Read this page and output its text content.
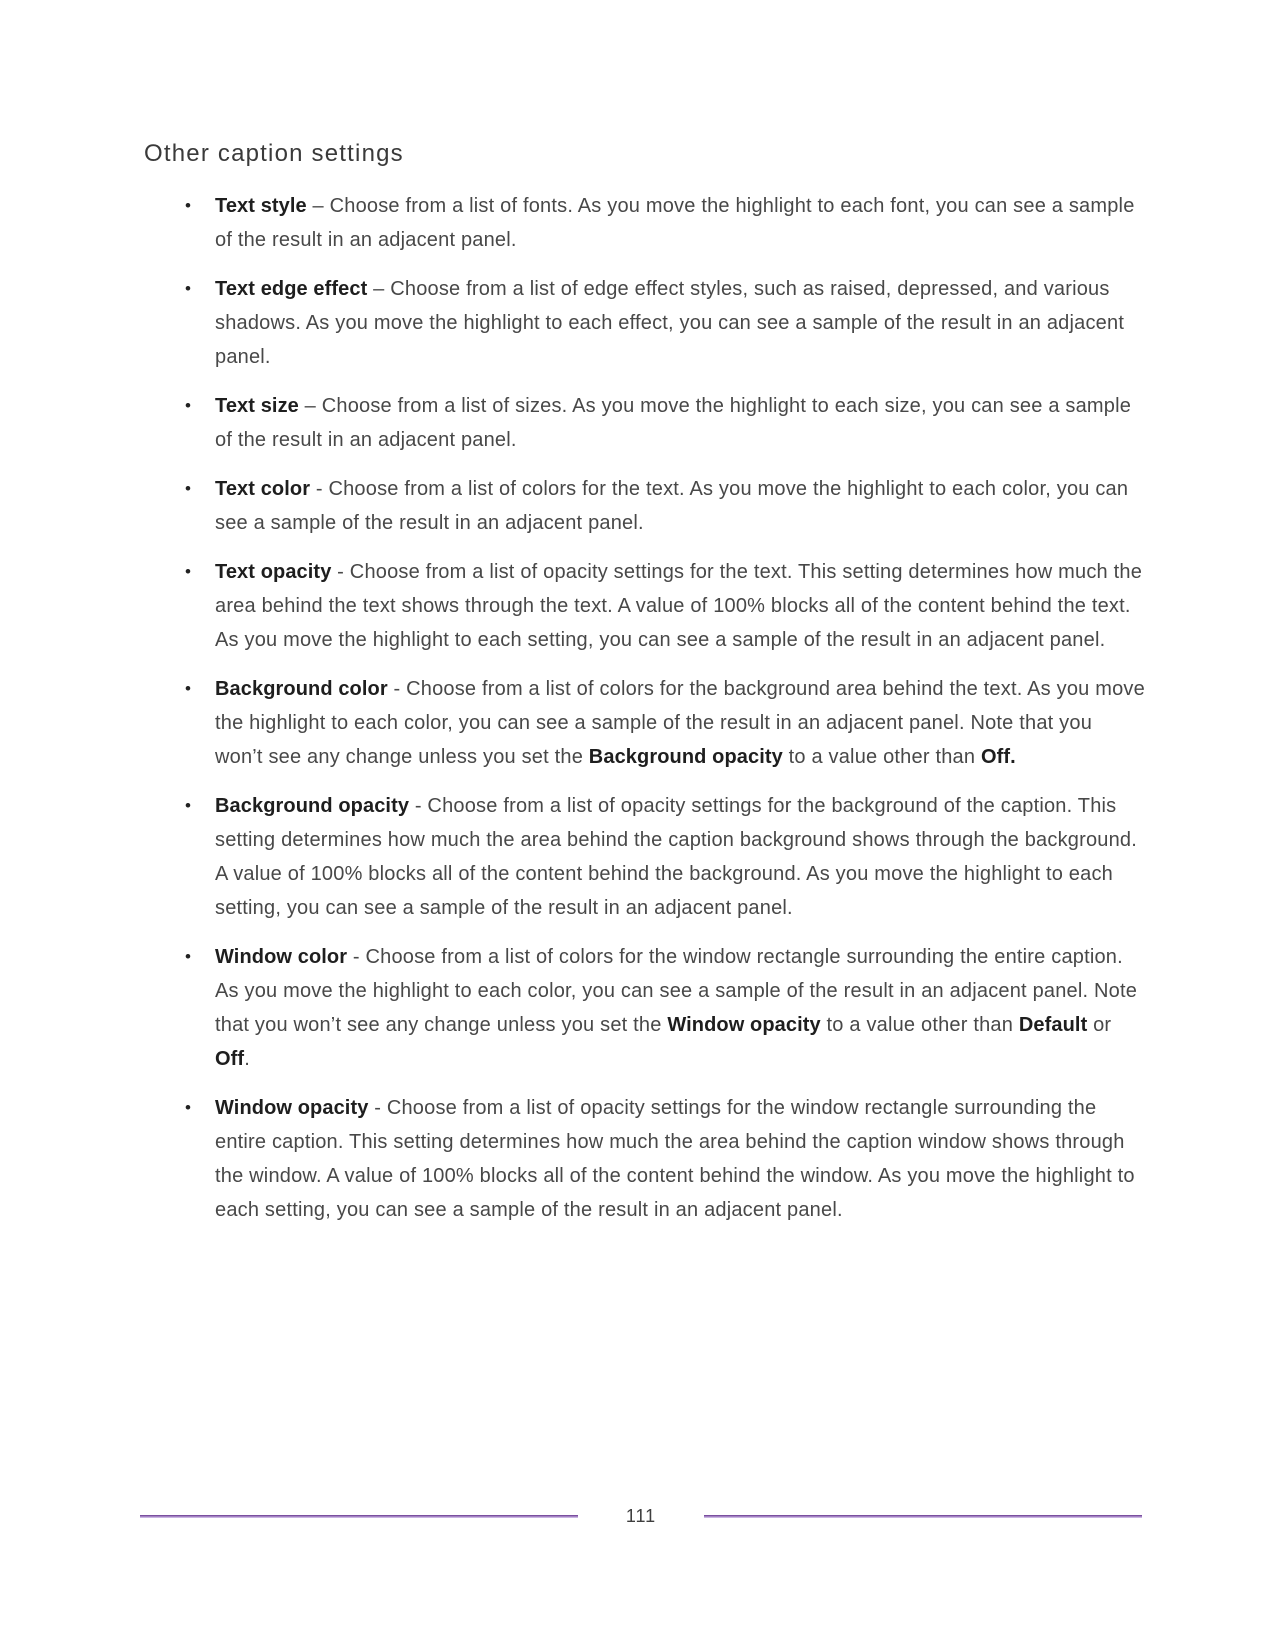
Other caption settings
• Text style – Choose from a list of fonts. As you move the highlight to each font, you can see a sample of the result in an adjacent panel.
• Text edge effect – Choose from a list of edge effect styles, such as raised, depressed, and various shadows. As you move the highlight to each effect, you can see a sample of the result in an adjacent panel.
• Text size – Choose from a list of sizes. As you move the highlight to each size, you can see a sample of the result in an adjacent panel.
• Text color - Choose from a list of colors for the text. As you move the highlight to each color, you can see a sample of the result in an adjacent panel.
• Text opacity - Choose from a list of opacity settings for the text. This setting determines how much the area behind the text shows through the text. A value of 100% blocks all of the content behind the text. As you move the highlight to each setting, you can see a sample of the result in an adjacent panel.
• Background color - Choose from a list of colors for the background area behind the text. As you move the highlight to each color, you can see a sample of the result in an adjacent panel. Note that you won’t see any change unless you set the Background opacity to a value other than Off.
• Background opacity - Choose from a list of opacity settings for the background of the caption. This setting determines how much the area behind the caption background shows through the background. A value of 100% blocks all of the content behind the background. As you move the highlight to each setting, you can see a sample of the result in an adjacent panel.
• Window color - Choose from a list of colors for the window rectangle surrounding the entire caption. As you move the highlight to each color, you can see a sample of the result in an adjacent panel. Note that you won’t see any change unless you set the Window opacity to a value other than Default or Off.
• Window opacity - Choose from a list of opacity settings for the window rectangle surrounding the entire caption. This setting determines how much the area behind the caption window shows through the window. A value of 100% blocks all of the content behind the window. As you move the highlight to each setting, you can see a sample of the result in an adjacent panel.
111
